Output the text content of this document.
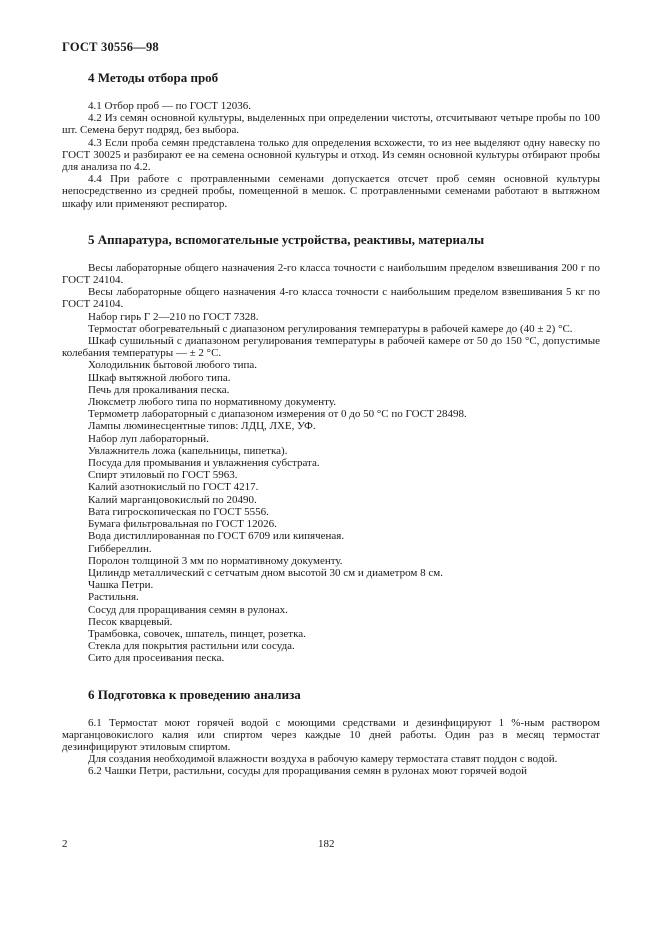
ГОСТ 30556—98
4 Методы отбора проб

4.1 Отбор проб — по ГОСТ 12036.

4.2 Из семян основной культуры, выделенных при определении чистоты, отсчитывают четыре пробы по 100 шт. Семена берут подряд, без выбора.

4.3 Если проба семян представлена только для определения всхожести, то из нее выделяют одну навеску по ГОСТ 30025 и разбирают ее на семена основной культуры и отход. Из семян основной культуры отбирают пробы для анализа по 4.2.

4.4 При работе с протравленными семенами допускается отсчет проб семян основной культуры непосредственно из средней пробы, помещенной в мешок. С протравленными семенами работают в вытяжном шкафу или применяют респиратор.

5 Аппаратура, вспомогательные устройства, реактивы, материалы

Весы лабораторные общего назначения 2-го класса точности с наибольшим пределом взвешивания 200 г по ГОСТ 24104.

Весы лабораторные общего назначения 4-го класса точности с наибольшим пределом взвешивания 5 кг по ГОСТ 24104.

Набор гирь Г 2—210 по ГОСТ 7328.

Термостат обогревательный с диапазоном регулирования температуры в рабочей камере до (40 ± 2) °С.

Шкаф сушильный с диапазоном регулирования температуры в рабочей камере от 50 до 150 °С, допустимые колебания температуры — ± 2 °С.

Холодильник бытовой любого типа.
Шкаф вытяжной любого типа.
Печь для прокаливания песка.
Люксметр любого типа по нормативному документу.
Термометр лабораторный с диапазоном измерения от 0 до 50 °С по ГОСТ 28498.
Лампы люминесцентные типов: ЛДЦ, ЛХЕ, УФ.
Набор луп лабораторный.
Увлажнитель ложа (капельницы, пипетка).
Посуда для промывания и увлажнения субстрата.
Спирт этиловый по ГОСТ 5963.
Калий азотнокислый по ГОСТ 4217.
Калий марганцовокислый по 20490.
Вата гигроскопическая по ГОСТ 5556.
Бумага фильтровальная по ГОСТ 12026.
Вода дистиллированная по ГОСТ 6709 или кипяченая.
Гиббереллин.
Поролон толщиной 3 мм по нормативному документу.
Цилиндр металлический с сетчатым дном высотой 30 см и диаметром 8 см.
Чашка Петри.
Растильня.
Сосуд для проращивания семян в рулонах.
Песок кварцевый.
Трамбовка, совочек, шпатель, пинцет, розетка.
Стекла для покрытия растильни или сосуда.
Сито для просеивания песка.
6 Подготовка к проведению анализа

6.1 Термостат моют горячей водой с моющими средствами и дезинфицируют 1 %-ным раствором марганцовокислого калия или спиртом через каждые 10 дней работы. Один раз в месяц термостат дезинфицируют этиловым спиртом.

Для создания необходимой влажности воздуха в рабочую камеру термостата ставят поддон с водой.

6.2 Чашки Петри, растильни, сосуды для проращивания семян в рулонах моют горячей водой

2	182
